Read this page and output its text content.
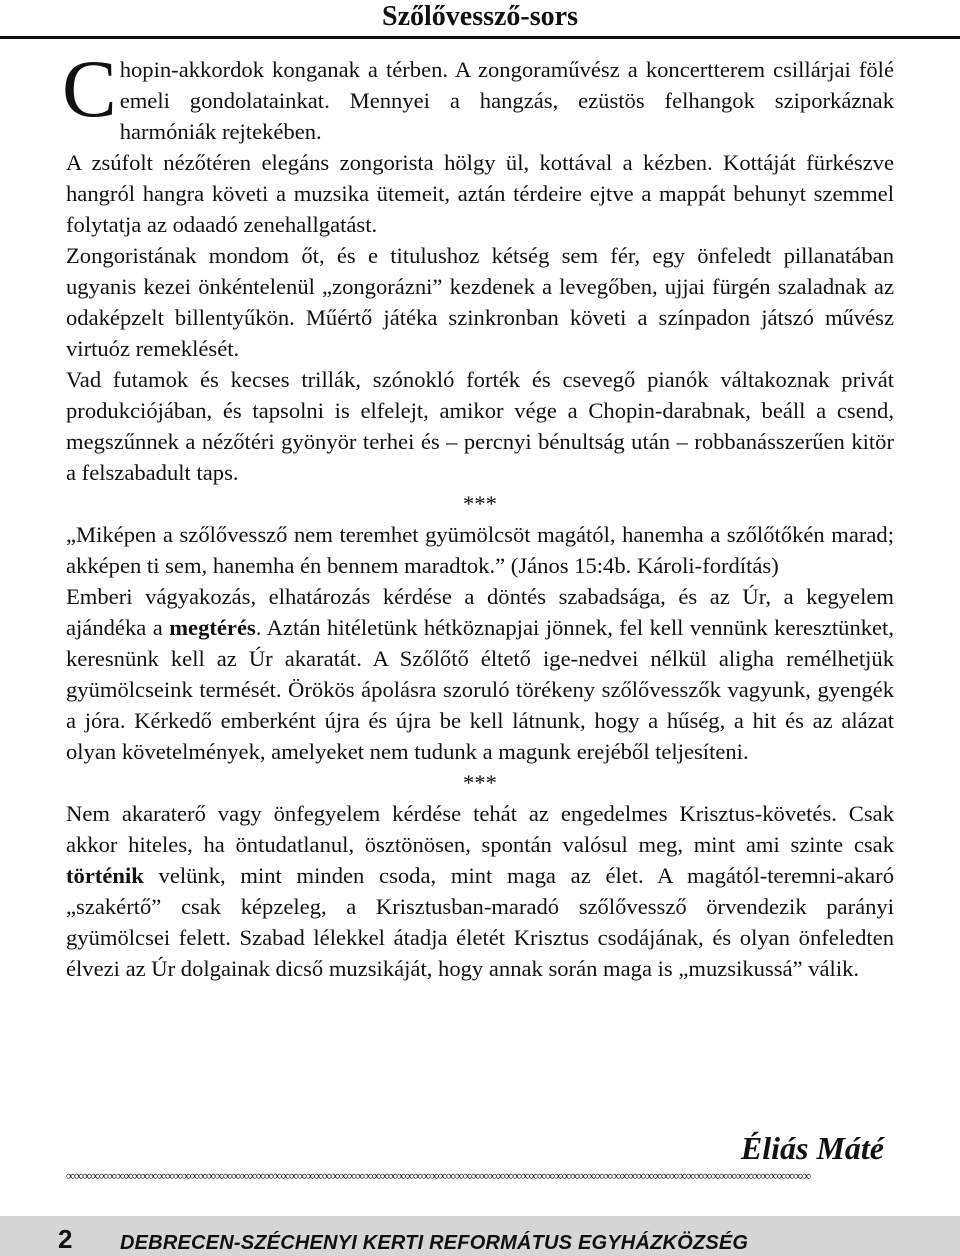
Szőlővessző-sors

Chopin-akkordok konganak a térben. A zongoraművész a koncertterem csillárjai fölé emeli gondolatainkat. Mennyei a hangzás, ezüstös felhangok sziporkáznak harmóniák rejtekében.

A zsúfolt nézőtéren elegáns zongorista hölgy ül, kottával a kézben. Kottáját fürkészve hangról hangra követi a muzsika ütemeit, aztán térdeire ejtve a mappát behunyt szemmel folytatja az odaadó zenehallgatást.

Zongoristának mondom őt, és e titulushoz kétség sem fér, egy önfeledt pillanatában ugyanis kezei önkéntelenül „zongorázni” kezdenek a levegőben, ujjai fürgén szaladnak az odaképzelt billentyűkön. Műértő játéka szinkronban követi a színpadon játszó művész virtuóz remeklését.

Vad futamok és kecses trillák, szónokló forték és csevegő pianók váltakoznak privát produkciójában, és tapsolni is elfelejt, amikor vége a Chopin-darabnak, beáll a csend, megszűnnek a nézőtéri gyönyör terhei és – percnyi bénultság után – robbanásszerűen kitör a felszabadult taps.

***

„Miképen a szőlővessző nem teremhet gyümölcsöt magától, hanemha a szőlőtőkén marad; akképen ti sem, hanemha én bennem maradtok.” (János 15:4b. Károli-fordítás)

Emberi vágyakozás, elhatározás kérdése a döntés szabadsága, és az Úr, a kegyelem ajándéka a megtérés. Aztán hitéletünk hétköznapjai jönnek, fel kell vennünk keresztünket, keresnünk kell az Úr akaratát. A Szőlőtő éltető ige-nedvei nélkül aligha remélhetjük gyümölcseink termését. Örökös ápolásra szoruló törékeny szőlővesszők vagyunk, gyengék a jóra. Kérkedő emberként újra és újra be kell látnunk, hogy a hűség, a hit és az alázat olyan követelmények, amelyeket nem tudunk a magunk erejéből teljesíteni.

***

Nem akaraterő vagy önfegyelem kérdése tehát az engedelmes Krisztus-követés. Csak akkor hiteles, ha öntudatlanul, ösztönösen, spontán valósul meg, mint ami szinte csak történik velünk, mint minden csoda, mint maga az élet. A magától-teremni-akaró „szakértő” csak képzeleg, a Krisztusban-maradó szőlővessző örvendezik parányi gyümölcsei felett. Szabad lélekkel átadja életét Krisztus csodájának, és olyan önfeledten élvezi az Úr dolgainak dicső muzsikáját, hogy annak során maga is „muzsikussá” válik.

Éliás Máté
∞∞∞∞∞∞∞∞∞∞∞∞∞∞∞∞∞∞∞∞∞∞∞∞∞∞∞∞∞∞∞∞∞∞∞∞∞∞∞∞∞∞∞∞∞∞∞∞∞∞∞∞∞∞∞∞∞∞∞∞∞∞∞∞∞∞∞∞∞∞∞∞∞∞∞∞∞∞∞∞∞∞∞∞∞∞∞∞∞∞
2 DEBRECEN-SZÉCHENYI KERTI REFORMÁTUS EGYHÁZKÖZSÉG
